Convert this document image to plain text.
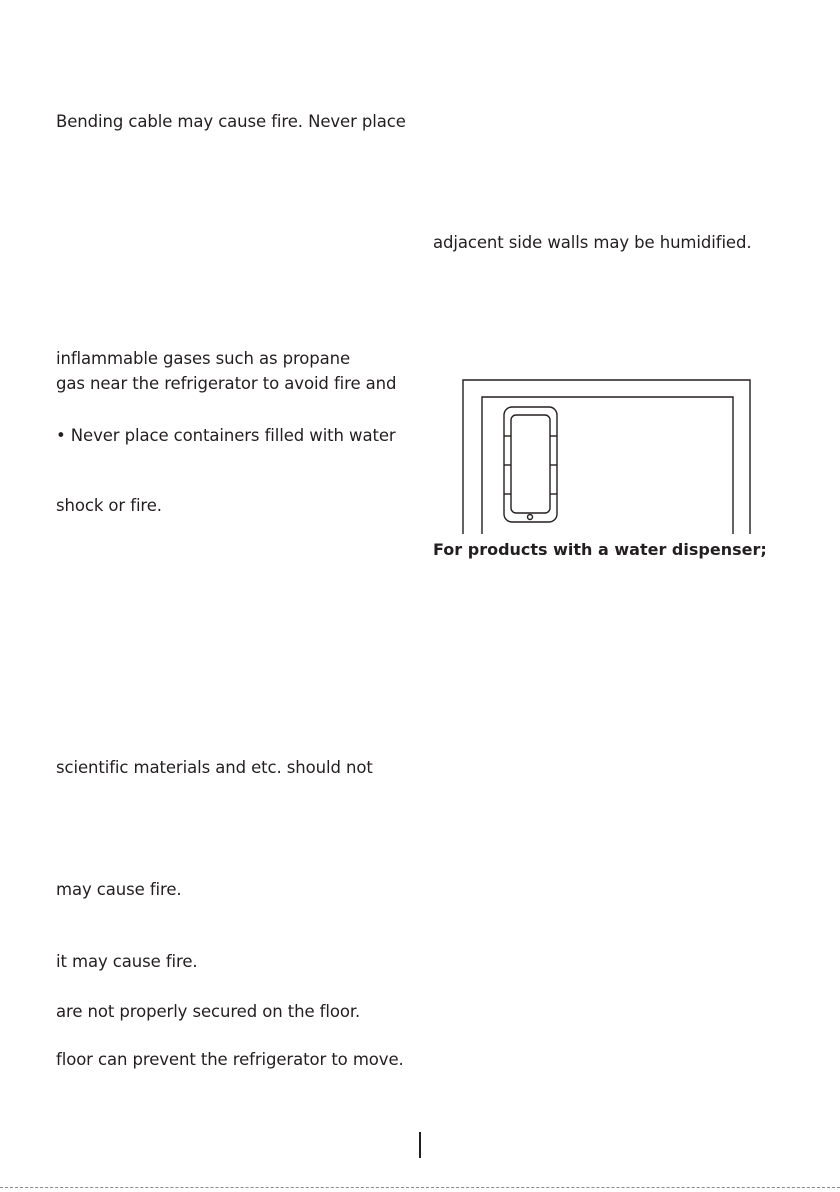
Bending cable may cause fire. Never place
inflammable gases such as propane
gas near the refrigerator to avoid fire and
• Never place containers filled with water
shock or fire.
scientific materials and etc. should not
may cause fire.
it may cause fire.
are not properly secured on the floor.
floor can prevent the refrigerator to move.
adjacent side walls may be humidified.
For products with a water dispenser;
